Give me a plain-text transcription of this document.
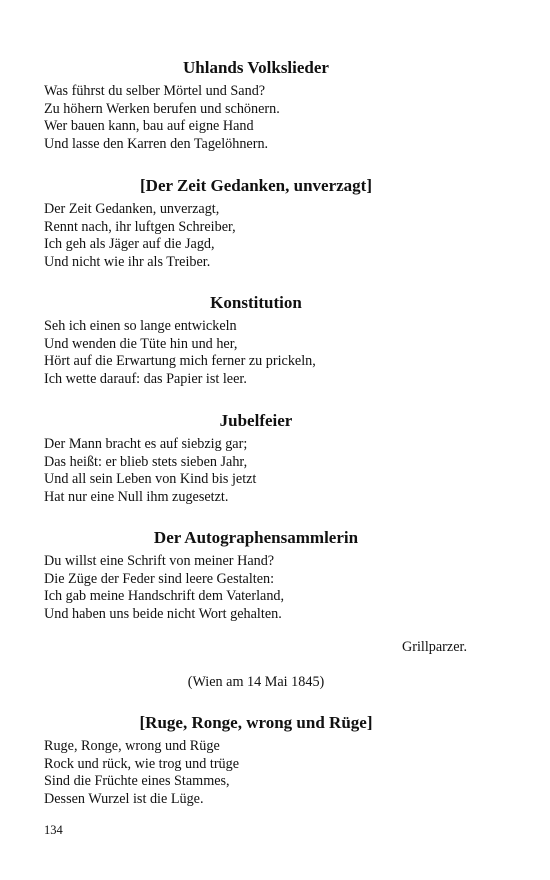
Uhlands Volkslieder
Was führst du selber Mörtel und Sand?
Zu höhern Werken berufen und schönern.
Wer bauen kann, bau auf eigne Hand
Und lasse den Karren den Tagelöhnern.
[Der Zeit Gedanken, unverzagt]
Der Zeit Gedanken, unverzagt,
Rennt nach, ihr luftgen Schreiber,
Ich geh als Jäger auf die Jagd,
Und nicht wie ihr als Treiber.
Konstitution
Seh ich einen so lange entwickeln
Und wenden die Tüte hin und her,
Hört auf die Erwartung mich ferner zu prickeln,
Ich wette darauf: das Papier ist leer.
Jubelfeier
Der Mann bracht es auf siebzig gar;
Das heißt: er blieb stets sieben Jahr,
Und all sein Leben von Kind bis jetzt
Hat nur eine Null ihm zugesetzt.
Der Autographensammlerin
Du willst eine Schrift von meiner Hand?
Die Züge der Feder sind leere Gestalten:
Ich gab meine Handschrift dem Vaterland,
Und haben uns beide nicht Wort gehalten.
Grillparzer.
(Wien am 14 Mai 1845)
[Ruge, Ronge, wrong und Rüge]
Ruge, Ronge, wrong und Rüge
Rock und rück, wie trog und trüge
Sind die Früchte eines Stammes,
Dessen Wurzel ist die Lüge.
134
